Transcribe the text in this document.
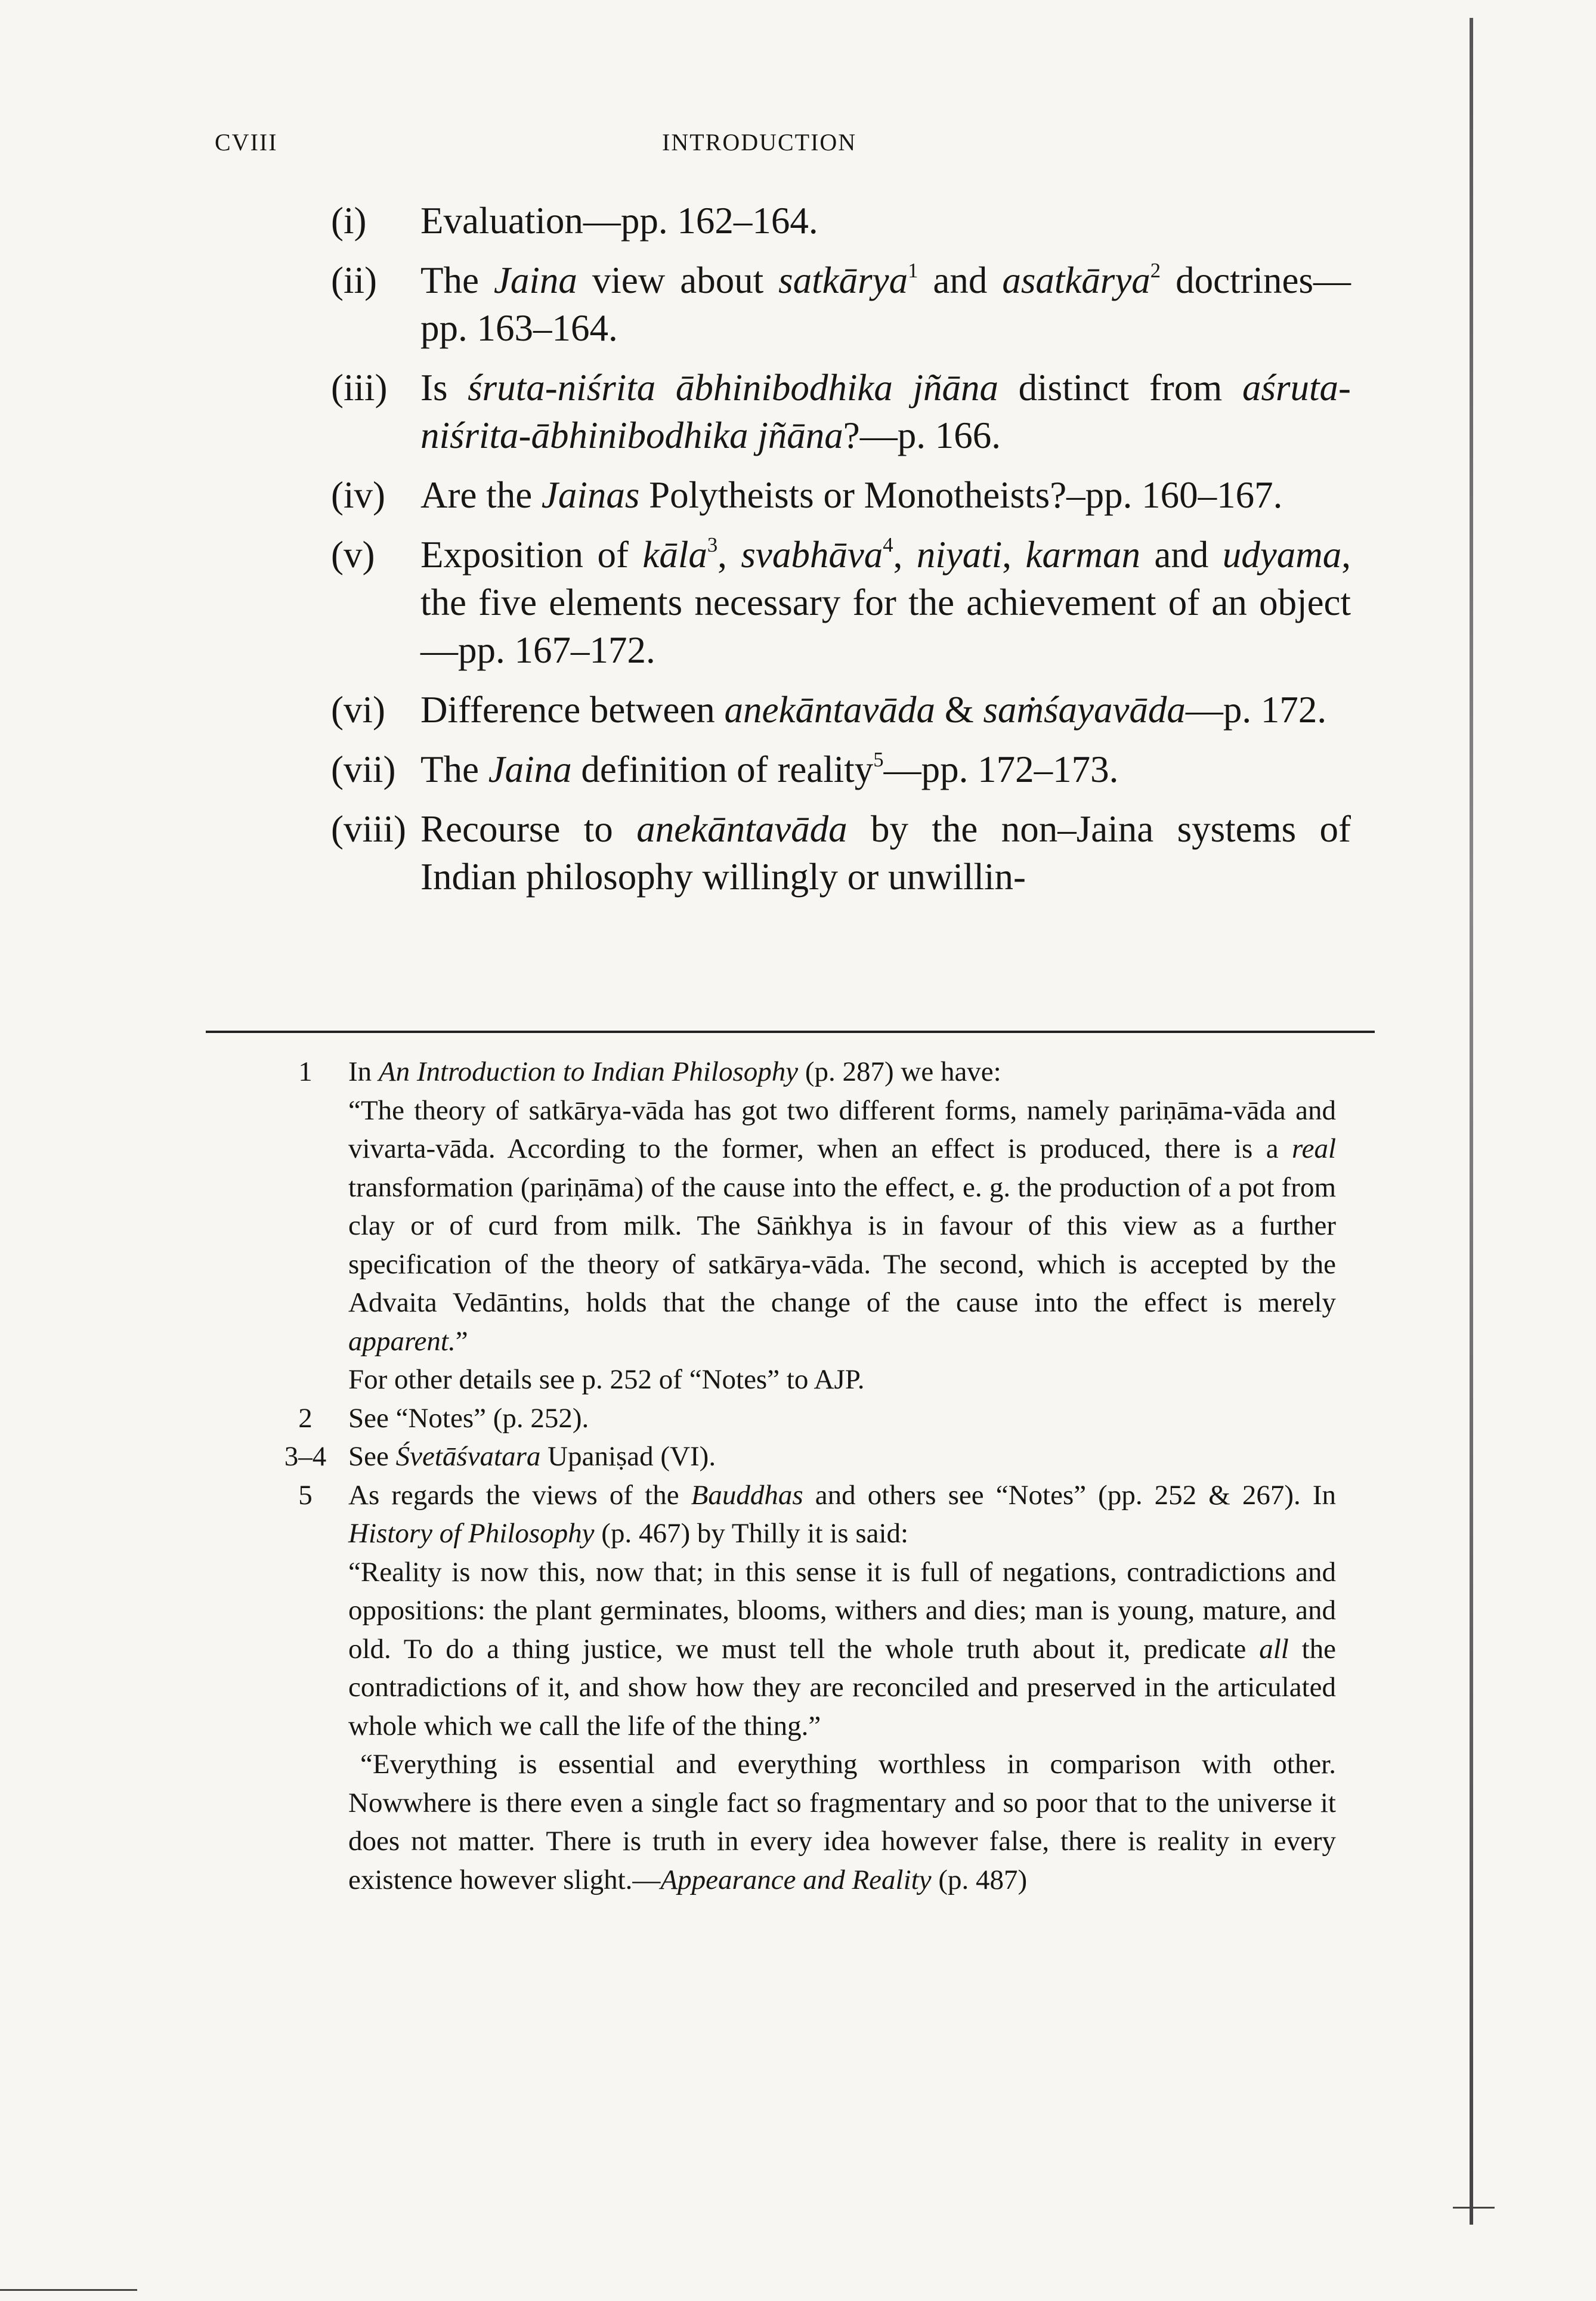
CVIII	INTRODUCTION
(i)	Evaluation—pp. 162–164.
(ii)	The Jaina view about satkārya$^1$ and asatkārya$^2$ doctrines—pp. 163–164.
(iii) Is śruta-niśrita ābhinibodhika jñāna distinct from aśruta-niśrita-ābhinibodhika jñāna?—p. 166.
(iv) Are the Jainas Polytheists or Monotheists?–pp. 160–167.
(v)	Exposition of kāla$^3$, svabhāva$^4$, niyati, karman and udyama, the five elements necessary for the achievement of an object—pp. 167–172.
(vi) Difference between anekāntavāda & saṁśayavāda—p. 172.
(vii) The Jaina definition of reality$^5$—pp. 172–173.
(viii) Recourse to anekāntavāda by the non–Jaina systems of Indian philosophy willingly or unwillin-
1	In An Introduction to Indian Philosophy (p. 287) we have:

“The theory of satkārya-vāda has got two different forms, namely pariṇāma-vāda and vivarta-vāda. According to the former, when an effect is produced, there is a real transformation (pariṇāma) of the cause into the effect, e. g. the production of a pot from clay or of curd from milk. The Sāṅkhya is in favour of this view as a further specification of the theory of satkārya-vāda. The second, which is accepted by the Advaita Vedāntins, holds that the change of the cause into the effect is merely apparent.”

For other details see p. 252 of “Notes” to AJP.

2	See “Notes” (p. 252).

3–4 See Śvetāśvatara Upaniṣad (VI).

5	As regards the views of the Bauddhas and others see “Notes” (pp. 252 & 267). In History of Philosophy (p. 467) by Thilly it is said:

“Reality is now this, now that; in this sense it is full of negations, contradictions and oppositions: the plant germinates, blooms, withers and dies; man is young, mature, and old. To do a thing justice, we must tell the whole truth about it, predicate all the contradictions of it, and show how they are reconciled and preserved in the articulated whole which we call the life of the thing.”

“Everything is essential and everything worthless in comparison with other. Nowwhere is there even a single fact so fragmentary and so poor that to the universe it does not matter. There is truth in every idea however false, there is reality in every existence however slight.—Appearance and Reality (p. 487)
